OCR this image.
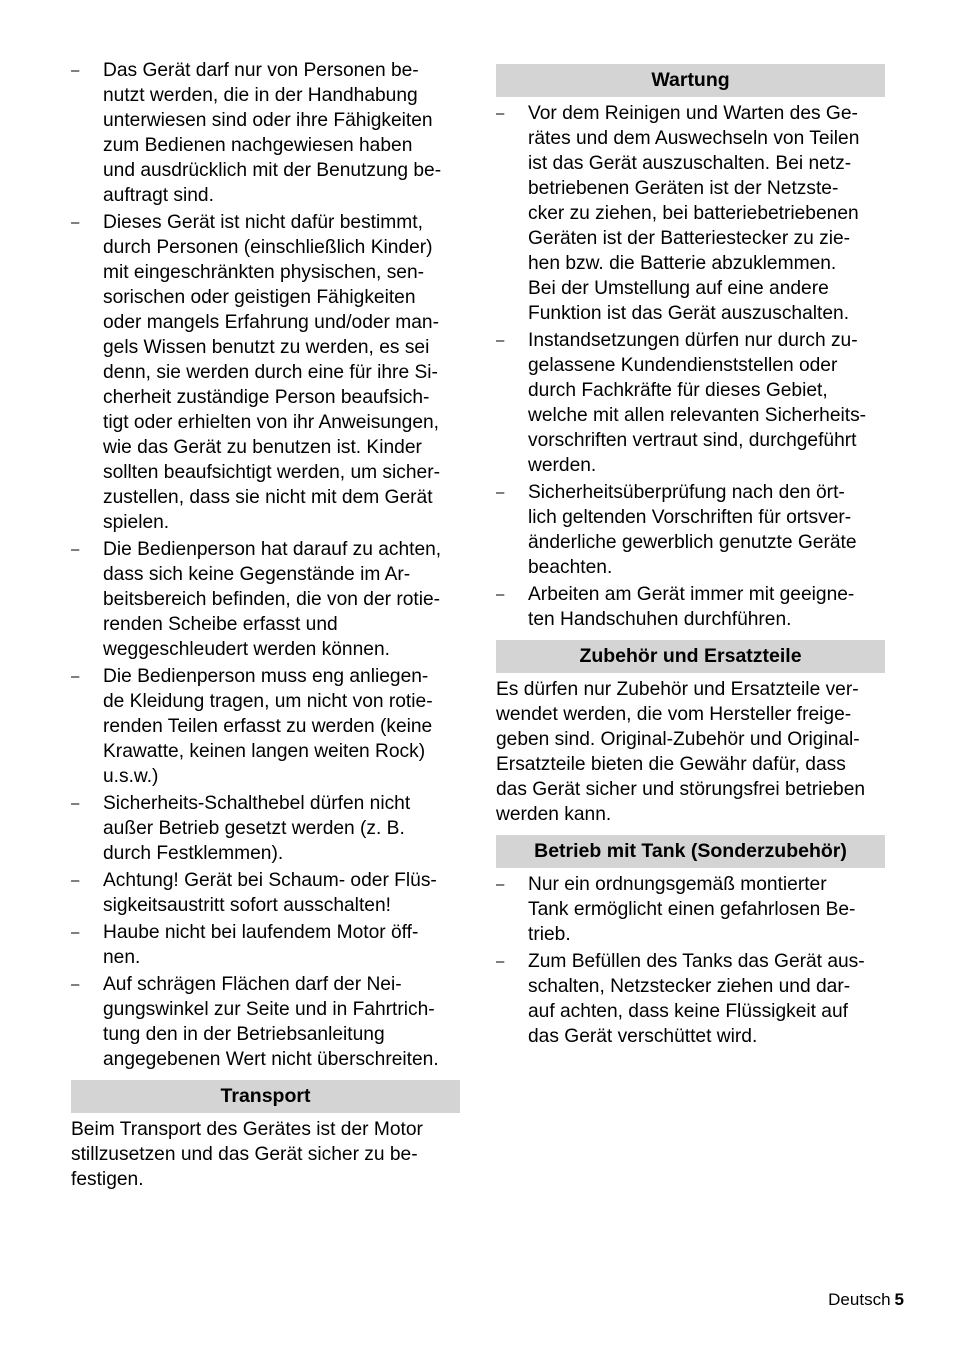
–	Das Gerät darf nur von Personen be-
nutzt werden, die in der Handhabung
unterwiesen sind oder ihre Fähigkeiten
zum Bedienen nachgewiesen haben
und ausdrücklich mit der Benutzung be-
auftragt sind.
–	Dieses Gerät ist nicht dafür bestimmt,
durch Personen (einschließlich Kinder)
mit eingeschränkten physischen, sen-
sorischen oder geistigen Fähigkeiten
oder mangels Erfahrung und/oder man-
gels Wissen benutzt zu werden, es sei
denn, sie werden durch eine für ihre Si-
cherheit zuständige Person beaufsich-
tigt oder erhielten von ihr Anweisungen,
wie das Gerät zu benutzen ist. Kinder
sollten beaufsichtigt werden, um sicher-
zustellen, dass sie nicht mit dem Gerät
spielen.
–	Die Bedienperson hat darauf zu achten,
dass sich keine Gegenstände im Ar-
beitsbereich befinden, die von der rotie-
renden Scheibe erfasst und
weggeschleudert werden können.
–	Die Bedienperson muss eng anliegen-
de Kleidung tragen, um nicht von rotie-
renden Teilen erfasst zu werden (keine
Krawatte, keinen langen weiten Rock)
u.s.w.)
–	Sicherheits-Schalthebel dürfen nicht
außer Betrieb gesetzt werden (z. B.
durch Festklemmen).
–	Achtung! Gerät bei Schaum- oder Flüs-
sigkeitsaustritt sofort ausschalten!
–	Haube nicht bei laufendem Motor öff-
nen.
–	Auf schrägen Flächen darf der Nei-
gungswinkel zur Seite und in Fahrtrich-
tung den in der Betriebsanleitung
angegebenen Wert nicht überschreiten.
Transport
Beim Transport des Gerätes ist der Motor
stillzusetzen und das Gerät sicher zu be-
festigen.
Wartung
–	Vor dem Reinigen und Warten des Ge-
rätes und dem Auswechseln von Teilen
ist das Gerät auszuschalten. Bei netz-
betriebenen Geräten ist der Netzste-
cker zu ziehen, bei batteriebetriebenen
Geräten ist der Batteriestecker zu zie-
hen bzw. die Batterie abzuklemmen.
Bei der Umstellung auf eine andere
Funktion ist das Gerät auszuschalten.
–	Instandsetzungen dürfen nur durch zu-
gelassene Kundendienststellen oder
durch Fachkräfte für dieses Gebiet,
welche mit allen relevanten Sicherheits-
vorschriften vertraut sind, durchgeführt
werden.
–	Sicherheitsüberprüfung nach den ört-
lich geltenden Vorschriften für ortsver-
änderliche gewerblich genutzte Geräte
beachten.
–	Arbeiten am Gerät immer mit geeigne-
ten Handschuhen durchführen.
Zubehör und Ersatzteile
Es dürfen nur Zubehör und Ersatzteile ver-
wendet werden, die vom Hersteller freige-
geben sind. Original-Zubehör und Original-
Ersatzteile bieten die Gewähr dafür, dass
das Gerät sicher und störungsfrei betrieben
werden kann.
Betrieb mit Tank (Sonderzubehör)
–	Nur ein ordnungsgemäß montierter
Tank ermöglicht einen gefahrlosen Be-
trieb.
–	Zum Befüllen des Tanks das Gerät aus-
schalten, Netzstecker ziehen und dar-
auf achten, dass keine Flüssigkeit auf
das Gerät verschüttet wird.
Deutsch 5
